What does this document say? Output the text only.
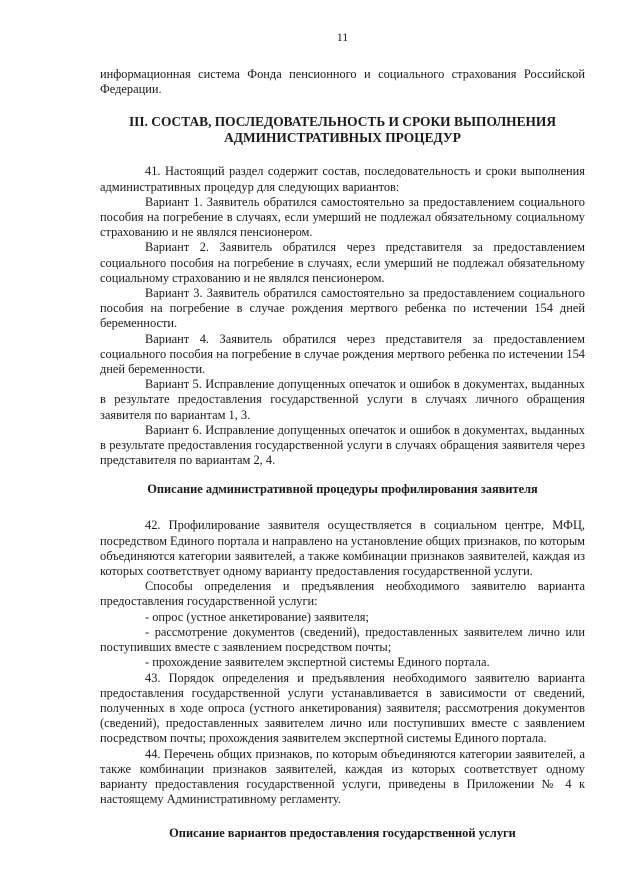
11

информационная система Фонда пенсионного и социального страхования Российской Федерации.

III. СОСТАВ, ПОСЛЕДОВАТЕЛЬНОСТЬ И СРОКИ ВЫПОЛНЕНИЯ АДМИНИСТРАТИВНЫХ ПРОЦЕДУР

41. Настоящий раздел содержит состав, последовательность и сроки выполнения административных процедур для следующих вариантов:

Вариант 1. Заявитель обратился самостоятельно за предоставлением социального пособия на погребение в случаях, если умерший не подлежал обязательному социальному страхованию и не являлся пенсионером.

Вариант 2. Заявитель обратился через представителя за предоставлением социального пособия на погребение в случаях, если умерший не подлежал обязательному социальному страхованию и не являлся пенсионером.

Вариант 3. Заявитель обратился самостоятельно за предоставлением социального пособия на погребение в случае рождения мертвого ребенка по истечении 154 дней беременности.

Вариант 4. Заявитель обратился через представителя за предоставлением социального пособия на погребение в случае рождения мертвого ребенка по истечении 154 дней беременности.

Вариант 5. Исправление допущенных опечаток и ошибок в документах, выданных в результате предоставления государственной услуги в случаях личного обращения заявителя по вариантам 1, 3.

Вариант 6. Исправление допущенных опечаток и ошибок в документах, выданных в результате предоставления государственной услуги в случаях обращения заявителя через представителя по вариантам 2, 4.

Описание административной процедуры профилирования заявителя

42. Профилирование заявителя осуществляется в социальном центре, МФЦ, посредством Единого портала и направлено на установление общих признаков, по которым объединяются категории заявителей, а также комбинации признаков заявителей, каждая из которых соответствует одному варианту предоставления государственной услуги.

Способы определения и предъявления необходимого заявителю варианта предоставления государственной услуги:

- опрос (устное анкетирование) заявителя;

- рассмотрение документов (сведений), предоставленных заявителем лично или поступивших вместе с заявлением посредством почты;

- прохождение заявителем экспертной системы Единого портала.

43. Порядок определения и предъявления необходимого заявителю варианта предоставления государственной услуги устанавливается в зависимости от сведений, полученных в ходе опроса (устного анкетирования) заявителя; рассмотрения документов (сведений), предоставленных заявителем лично или поступивших вместе с заявлением посредством почты; прохождения заявителем экспертной системы Единого портала.

44. Перечень общих признаков, по которым объединяются категории заявителей, а также комбинации признаков заявителей, каждая из которых соответствует одному варианту предоставления государственной услуги, приведены в Приложении № 4 к настоящему Административному регламенту.

Описание вариантов предоставления государственной услуги
